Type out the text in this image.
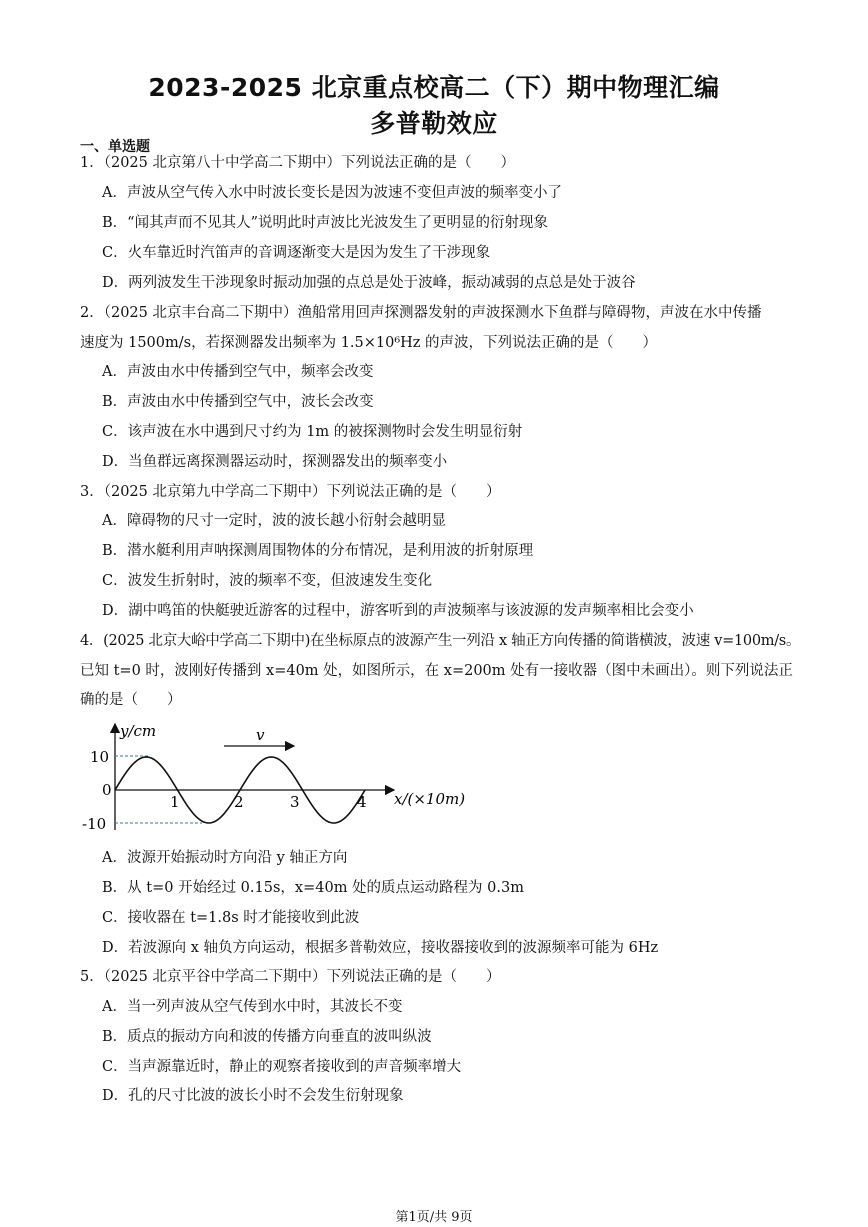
2023-2025 北京重点校高二（下）期中物理汇编
多普勒效应
一、单选题
1．（2025 北京第八十中学高二下期中）下列说法正确的是（　　）
A．声波从空气传入水中时波长变长是因为波速不变但声波的频率变小了
B．“闻其声而不见其人”说明此时声波比光波发生了更明显的衍射现象
C．火车靠近时汽笛声的音调逐渐变大是因为发生了干涉现象
D．两列波发生干涉现象时振动加强的点总是处于波峰，振动减弱的点总是处于波谷
2．（2025 北京丰台高二下期中）渔船常用回声探测器发射的声波探测水下鱼群与障碍物，声波在水中传播
速度为 1500m/s，若探测器发出频率为 1.5×10⁶Hz 的声波，下列说法正确的是（　　）
A．声波由水中传播到空气中，频率会改变
B．声波由水中传播到空气中，波长会改变
C．该声波在水中遇到尺寸约为 1m 的被探测物时会发生明显衍射
D．当鱼群远离探测器运动时，探测器发出的频率变小
3．（2025 北京第九中学高二下期中）下列说法正确的是（　　）
A．障碍物的尺寸一定时，波的波长越小衍射会越明显
B．潜水艇利用声呐探测周围物体的分布情况，是利用波的折射原理
C．波发生折射时，波的频率不变，但波速发生变化
D．湖中鸣笛的快艇驶近游客的过程中，游客听到的声波频率与该波源的发声频率相比会变小
4．(2025 北京大峪中学高二下期中)在坐标原点的波源产生一列沿 x 轴正方向传播的简谐横波，波速 v=100m/s。
已知 t=0 时，波刚好传播到 x=40m 处，如图所示，在 x=200m 处有一接收器（图中未画出）。则下列说法正
确的是（　　）
v
y/cm
x/(×10m)
10
0
-10
1	2	3	4
A．波源开始振动时方向沿 y 轴正方向
B．从 t=0 开始经过 0.15s，x=40m 处的质点运动路程为 0.3m
C．接收器在 t=1.8s 时才能接收到此波
D．若波源向 x 轴负方向运动，根据多普勒效应，接收器接收到的波源频率可能为 6Hz
5．（2025 北京平谷中学高二下期中）下列说法正确的是（　　）
A．当一列声波从空气传到水中时，其波长不变
B．质点的振动方向和波的传播方向垂直的波叫纵波
C．当声源靠近时，静止的观察者接收到的声音频率增大
D．孔的尺寸比波的波长小时不会发生衍射现象
第1页/共 9页
